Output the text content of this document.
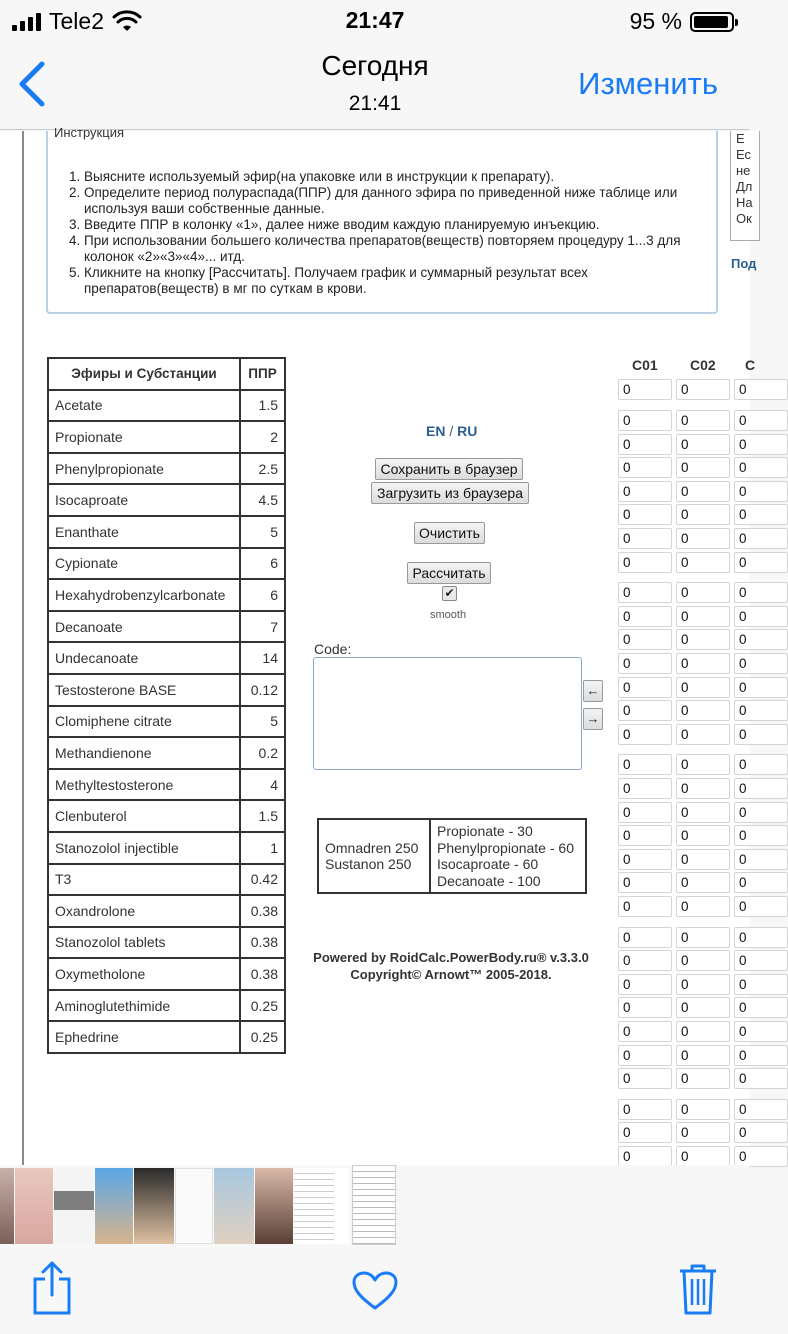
Tele2	21:47	95 %
Сегодня
21:41
Изменить
Инструкция
1. Выясните используемый эфир(на упаковке или в инструкции к препарату).
2. Определите период полураспада(ППР) для данного эфира по приведенной ниже таблице или используя ваши собственные данные.
3. Введите ППР в колонку «1», далее ниже вводим каждую планируемую инъекцию.
4. При использовании большего количества препаратов(веществ) повторяем процедуру 1...3 для колонок «2»«3»«4»... итд.
5. Кликните на кнопку [Рассчитать]. Получаем график и суммарный результат всех препаратов(веществ) в мг по суткам в крови.
Е
Ес
не
Дл
На
Ок
Под
Эфиры и Субстанции	ППР
Acetate	1.5
Propionate	2
Phenylpropionate	2.5
Isocaproate	4.5
Enanthate	5
Cypionate	6
Hexahydrobenzylcarbonate	6
Decanoate	7
Undecanoate	14
Testosterone BASE	0.12
Clomiphene citrate	5
Methandienone	0.2
Methyltestosterone	4
Clenbuterol	1.5
Stanozolol injectible	1
T3	0.42
Oxandrolone	0.38
Stanozolol tablets	0.38
Oxymetholone	0.38
Aminoglutethimide	0.25
Ephedrine	0.25
EN / RU
Сохранить в браузер
Загрузить из браузера
Очистить
Рассчитать
✔
smooth
Code:
←
→
Omnadren 250
Sustanon 250

Propionate - 30
Phenylpropionate - 60
Isocaproate - 60
Decanoate - 100
Powered by RoidCalc.PowerBody.ru® v.3.3.0
Copyright© Arnowt™ 2005-2018.
C01 C02 C
0	0	0
0	0	0
0	0	0
0	0	0
0	0	0
0	0	0
0	0	0
0	0	0
0	0	0
0	0	0
0	0	0
0	0	0
0	0	0
0	0	0
0	0	0
0	0	0
0	0	0
0	0	0
0	0	0
0	0	0
0	0	0
0	0	0
0	0	0
0	0	0
0	0	0
0	0	0
0	0	0
0	0	0
0	0	0
0	0	0
0	0	0
0	0	0
